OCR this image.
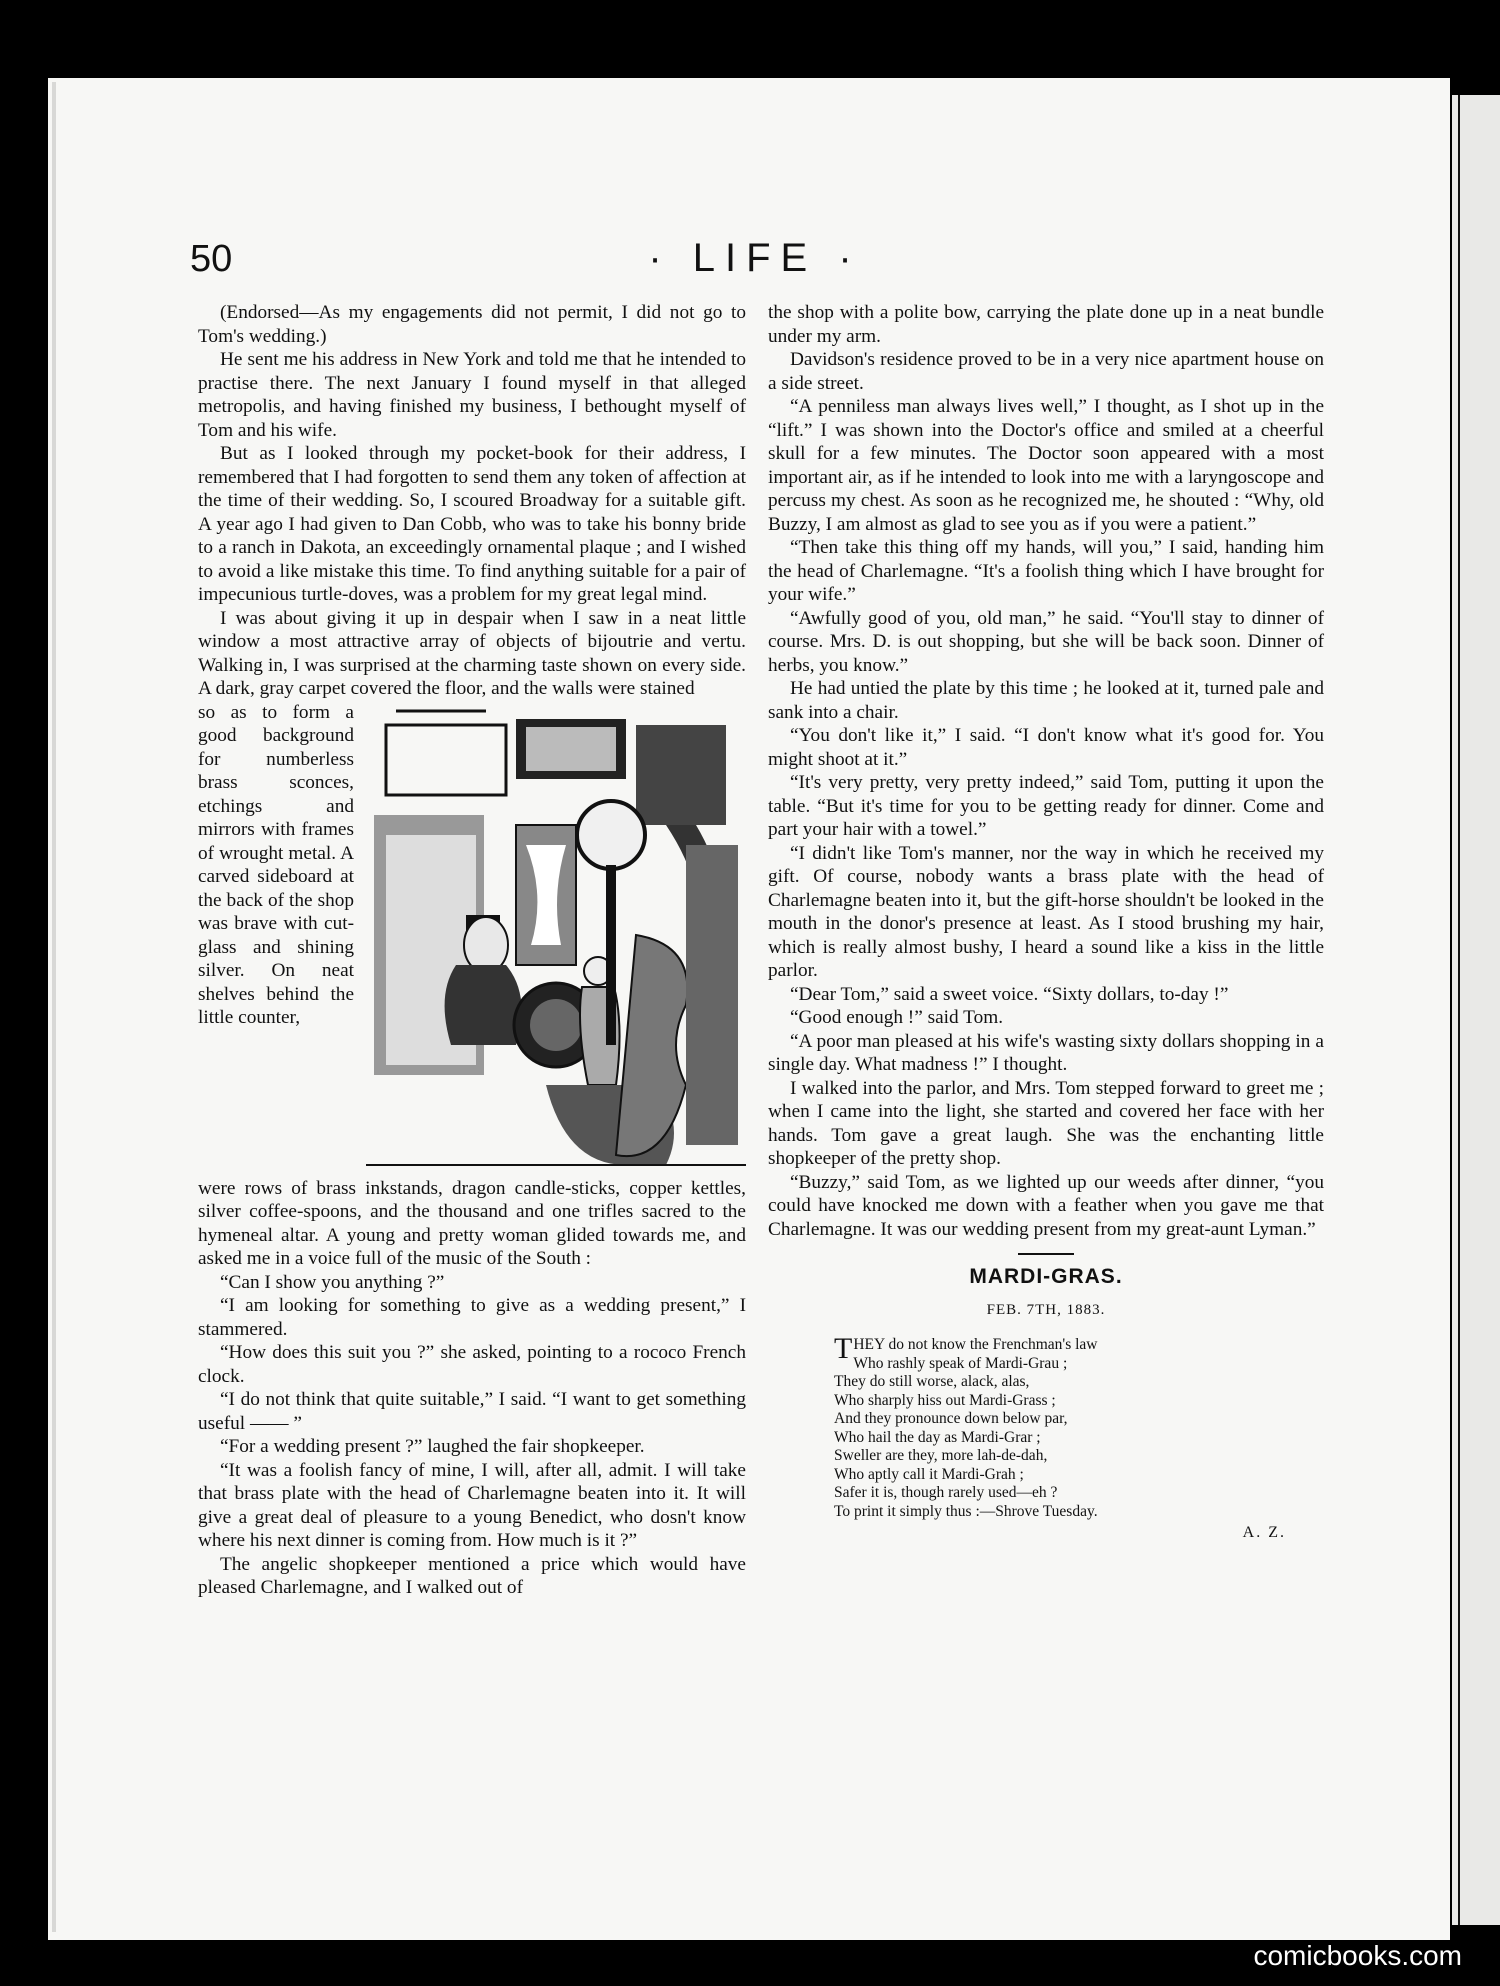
50	· LIFE ·

(Endorsed—As my engagements did not permit, I did not go to Tom's wedding.)

He sent me his address in New York and told me that he intended to practise there. The next January I found myself in that alleged metropolis, and having finished my business, I bethought myself of Tom and his wife.

But as I looked through my pocket-book for their address, I remembered that I had forgotten to send them any token of affection at the time of their wedding. So, I scoured Broadway for a suitable gift. A year ago I had given to Dan Cobb, who was to take his bonny bride to a ranch in Dakota, an exceedingly ornamental plaque ; and I wished to avoid a like mistake this time. To find anything suitable for a pair of impecunious turtle-doves, was a problem for my great legal mind.

I was about giving it up in despair when I saw in a neat little window a most attractive array of objects of bijoutrie and vertu. Walking in, I was surprised at the charming taste shown on every side. A dark, gray carpet covered the floor, and the walls were stained

so as to form a good background for numberless brass sconces, etchings and mirrors with frames of wrought metal. A carved sideboard at the back of the shop was brave with cut-glass and shining silver. On neat shelves behind the little counter,

were rows of brass inkstands, dragon candle-sticks, copper kettles, silver coffee-spoons, and the thousand and one trifles sacred to the hymeneal altar. A young and pretty woman glided towards me, and asked me in a voice full of the music of the South :

“Can I show you anything ?”

“I am looking for something to give as a wedding present,” I stammered.

“How does this suit you ?” she asked, pointing to a rococo French clock.

“I do not think that quite suitable,” I said. “I want to get something useful —— ”

“For a wedding present ?” laughed the fair shopkeeper.

“It was a foolish fancy of mine, I will, after all, admit. I will take that brass plate with the head of Charlemagne beaten into it. It will give a great deal of pleasure to a young Benedict, who dosn't know where his next dinner is coming from. How much is it ?”

The angelic shopkeeper mentioned a price which would have pleased Charlemagne, and I walked out of

the shop with a polite bow, carrying the plate done up in a neat bundle under my arm.

Davidson's residence proved to be in a very nice apartment house on a side street.

“A penniless man always lives well,” I thought, as I shot up in the “lift.” I was shown into the Doctor's office and smiled at a cheerful skull for a few minutes. The Doctor soon appeared with a most important air, as if he intended to look into me with a laryngoscope and percuss my chest. As soon as he recognized me, he shouted : “Why, old Buzzy, I am almost as glad to see you as if you were a patient.”

“Then take this thing off my hands, will you,” I said, handing him the head of Charlemagne. “It's a foolish thing which I have brought for your wife.”

“Awfully good of you, old man,” he said. “You'll stay to dinner of course. Mrs. D. is out shopping, but she will be back soon. Dinner of herbs, you know.”

He had untied the plate by this time ; he looked at it, turned pale and sank into a chair.

“You don't like it,” I said. “I don't know what it's good for. You might shoot at it.”

“It's very pretty, very pretty indeed,” said Tom, putting it upon the table. “But it's time for you to be getting ready for dinner. Come and part your hair with a towel.”

“I didn't like Tom's manner, nor the way in which he received my gift. Of course, nobody wants a brass plate with the head of Charlemagne beaten into it, but the gift-horse shouldn't be looked in the mouth in the donor's presence at least. As I stood brushing my hair, which is really almost bushy, I heard a sound like a kiss in the little parlor.

“Dear Tom,” said a sweet voice. “Sixty dollars, to-day !”

“Good enough !” said Tom.

“A poor man pleased at his wife's wasting sixty dollars shopping in a single day. What madness !” I thought.

I walked into the parlor, and Mrs. Tom stepped forward to greet me ; when I came into the light, she started and covered her face with her hands. Tom gave a great laugh. She was the enchanting little shopkeeper of the pretty shop.

“Buzzy,” said Tom, as we lighted up our weeds after dinner, “you could have knocked me down with a feather when you gave me that Charlemagne. It was our wedding present from my great-aunt Lyman.”

MARDI-GRAS.
FEB. 7TH, 1883.
THEY do not know the Frenchman's law
Who rashly speak of Mardi-Grau ;
They do still worse, alack, alas,
Who sharply hiss out Mardi-Grass ;
And they pronounce down below par,
Who hail the day as Mardi-Grar ;
Sweller are they, more lah-de-dah,
Who aptly call it Mardi-Grah ;
Safer it is, though rarely used—eh ?
To print it simply thus :—Shrove Tuesday.
A. Z.
comicbooks.com
